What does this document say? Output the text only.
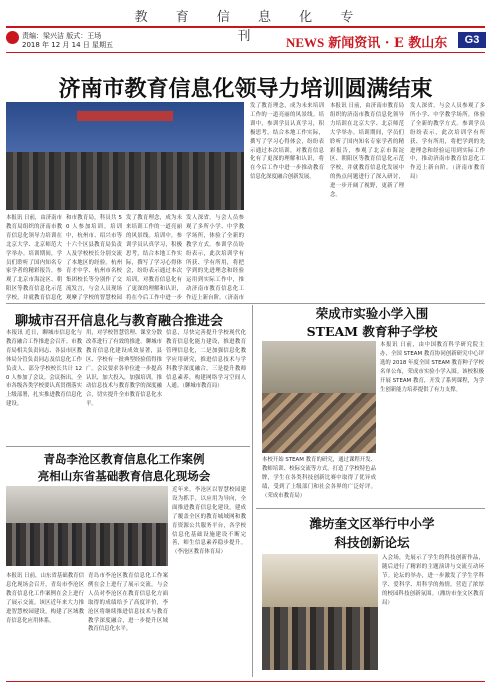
教 育 信 息 化 专 刊
责编：梁兴洁 版式：王场
2018 年 12 月 14 日 星期五	NEWS 新闻资讯 · E 教山东	G3
济南市教育信息化领导力培训圆满结束
本报讯 日前，由济南市教育局组织的济南市教育信息化领导力培训在北京大学、北京师范大学举办。培训期间，学员们聆听了国内知名专家学者的精彩报告，参观了北京市海淀区、朝阳区等教育信息化示范学校，并就教育信息化
和市教育局，科员共 50 人参加培训。培训中，杭州市、绍兴市等十六个区县教育局负责人及学校校长分别交流了本地区的经验。杭州育才中学、杭州市名校集团校长等分别作了交流发言，与会人员现场观摩了学校的智慧校园
发了教育理念，成为未来培训工作的一道亮丽的风景线。培训中，参训学员认真学习，积极思考，结合本地工作实际，撰写了学习心得体会，纷纷表示通过本次培训，对教育信息化有了更深的理解和认识，将在今后工作中进一步
发人深省。与会人员参观了多所小学、中学教学场所，体验了全新的教学方式。参训学员纷纷表示，此次培训学有所获、学有所用，将把学到的先进理念和经验运用到实际工作中，推动济南市教育信息化工作迈上新台阶。（济南市
发了教育理念，成为未来培训工作的一道亮丽的风景线。培训中，参训学员认真学习，积极思考，结合本地工作实际，撰写了学习心得体会，纷纷表示通过本次培训，对教育信息化有了更深的理解和认识，将在今后工作中进一步推动教育信息化深度融合创新发展。
本报讯 日前，由济南市教育局组织的济南市教育信息化领导力培训在北京大学、北京师范大学举办。培训期间，学员们聆听了国内知名专家学者的精彩报告，参观了北京市海淀区、朝阳区等教育信息化示范学校，并就教育信息化发展中的热点问题进行了深入研讨，进一步开阔了视野，更新了理念。
发人深省。与会人员参观了多所小学、中学教学场所，体验了全新的教学方式。参训学员纷纷表示，此次培训学有所获、学有所用，将把学到的先进理念和经验运用到实际工作中，推动济南市教育信息化工作迈上新台阶。（济南市教育局）
聊城市召开信息化与教育融合推进会
本报讯 近日，聊城市信息化与教育融合工作推进会召开。市教育局相关负责同志、各县市区教体局分管负责同志及信息化工作负责人、部分学校校长共计 120 人参加了会议。会议指出，全市各级各类学校要认真贯彻落实上级部署，扎实推进教育信息化建设。
用，对学校智慧管理、课堂分散改革进行了有效的推进。聊城市教育信息化建设成效显著，县区、学校有一批典型经验值得推广。会议要求各单位进一步提高认识，加大投入，加强培训，推动信息技术与教育教学的深度融合，切实提升全市教育信息化水平。
信息，尽快完善提升学校现代化教育信息化能力建设，推进教育管理信息化，二是加强信息化教学应用研究，推进信息技术与学科教学深度融合，三是提升教师信息素养，构建网络学习空间人人通。（聊城市教育局）
荣成市实验小学入围
STEAM 教育种子学校
本报讯 日前，由中国教育科学研究院主办，全国 STEAM 教育协同创新研究中心评选的 2018 年度全国 STEAM 教育种子学校名单公布，荣成市实验小学入围。该校积极开展 STEAM 教育，开发了系列课程，为学生创新能力培养提供了有力支撑。
本校开始 STEAM 教育的研究，通过课程开发、教师培训、校际交流等方式，打造了学校特色品牌，学生在各类科技创新比赛中取得了优异成绩，受到了上级部门和社会各界的广泛好评。（荣成市教育局）
青岛李沧区教育信息化工作案例
亮相山东省基础教育信息化现场会
近年来，李沧区以智慧校园建设为抓手，以应用为导向，全面推进教育信息化建设，建成了覆盖全区的教育城域网和教育资源公共服务平台，各学校信息化基础设施建设不断完善，师生信息素养稳步提升。（李沧区教育体育局）
本报讯 日前，山东省基础教育信息化现场会召开，青岛市李沧区教育信息化工作案例在会上进行了展示交流。该区近年来大力推进智慧校园建设，构建了区域教育信息化应用体系。
青岛市李沧区教育信息化工作案例在会上进行了展示交流，与会人员对李沧区在教育信息化方面取得的成绩给予了高度评价，李沧区将继续推进信息技术与教育教学深度融合，进一步提升区域教育信息化水平。
潍坊奎文区举行中小学
科技创新论坛
入会场，先展示了学生的科技创新作品，随后进行了精彩的主题演讲与交流互动环节。论坛的举办，进一步激发了学生学科学、爱科学、用科学的热情，营造了浓厚的校园科技创新氛围。（潍坊市奎文区教育局）
